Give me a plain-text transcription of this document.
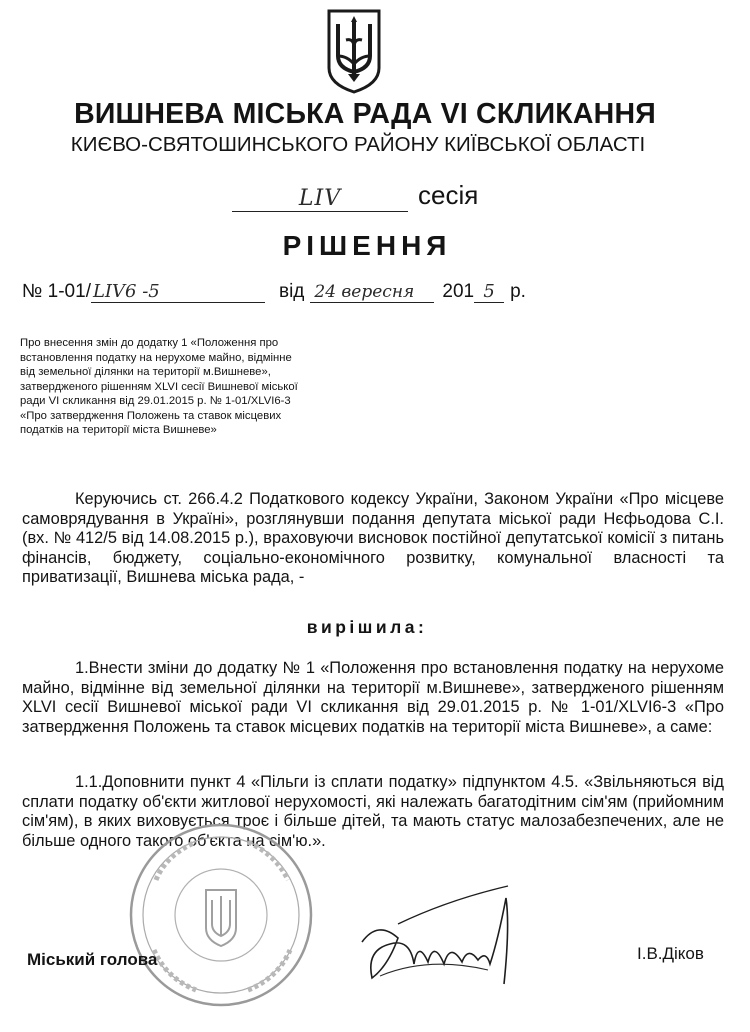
ВИШНЕВА МІСЬКА РАДА VI СКЛИКАННЯ
КИЄВО-СВЯТОШИНСЬКОГО РАЙОНУ КИЇВСЬКОЇ ОБЛАСТІ
LIV	сесія
РІШЕННЯ
№ 1-01/ LIV6 -5	від 24 вересня 201 5 р.
Про внесення змін до додатку 1 «Положення про
встановлення податку на нерухоме майно, відмінне
від земельної ділянки на території м.Вишневе»,
затвердженого рішенням XLVI сесії Вишневої міської
ради VI скликання від 29.01.2015 р. № 1-01/XLVI6-3
«Про затвердження Положень та ставок місцевих
податків на території міста Вишневе»
Керуючись ст. 266.4.2 Податкового кодексу України, Законом України «Про місцеве самоврядування в Україні», розглянувши подання депутата міської ради Нєфьодова С.І. (вх. № 412/5 від 14.08.2015 р.), враховуючи висновок постійної депутатської комісії з питань фінансів, бюджету, соціально-економічного розвитку, комунальної власності та приватизації, Вишнева міська рада, -
вирішила:
1.Внести зміни до додатку № 1 «Положення про встановлення податку на нерухоме майно, відмінне від земельної ділянки на території м.Вишневе», затвердженого рішенням XLVI сесії Вишневої міської ради VI скликання від 29.01.2015 р. № 1-01/XLVI6-3 «Про затвердження Положень та ставок місцевих податків на території міста Вишневе», а саме:
1.1.Доповнити пункт 4 «Пільги із сплати податку» підпунктом 4.5. «Звільняються від сплати податку об'єкти житлової нерухомості, які належать багатодітним сім'ям (прийомним сім'ям), в яких виховується троє і більше дітей, та мають статус малозабезпечених, але не більше одного такого об'єкта на сім'ю.».
Міський голова	І.В.Діков
